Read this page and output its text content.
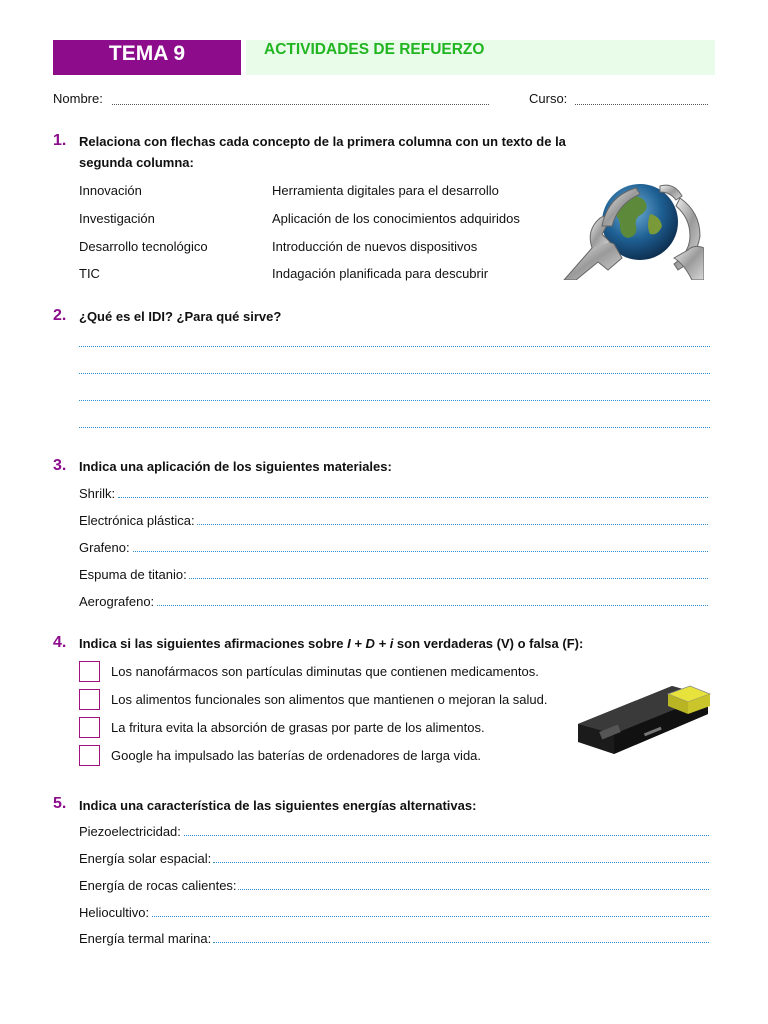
TEMA 9	ACTIVIDADES DE REFUERZO
Nombre:	Curso:
1. Relaciona con flechas cada concepto de la primera columna con un texto de la
segunda columna:
Innovación
Investigación
Desarrollo tecnológico
TIC
Herramienta digitales para el desarrollo
Aplicación de los conocimientos adquiridos
Introducción de nuevos dispositivos
Indagación planificada para descubrir
2. ¿Qué es el IDI? ¿Para qué sirve?
3. Indica una aplicación de los siguientes materiales:
Shrilk:
Electrónica plástica:
Grafeno:
Espuma de titanio:
Aerografeno:
4. Indica si las siguientes afirmaciones sobre I + D + i son verdaderas (V) o falsa (F):
Los nanofármacos son partículas diminutas que contienen medicamentos.
Los alimentos funcionales son alimentos que mantienen o mejoran la salud.
La fritura evita la absorción de grasas por parte de los alimentos.
Google ha impulsado las baterías de ordenadores de larga vida.
5. Indica una característica de las siguientes energías alternativas:
Piezoelectricidad:
Energía solar espacial:
Energía de rocas calientes:
Heliocultivo:
Energía termal marina:
